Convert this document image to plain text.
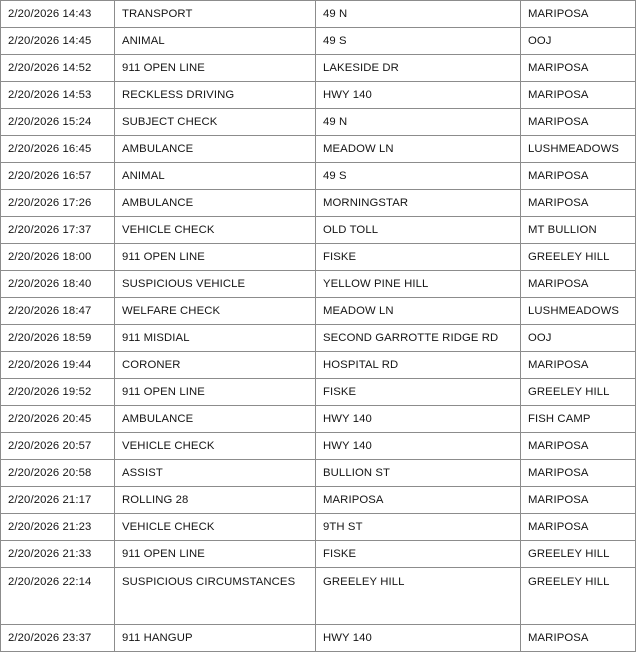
2/20/2026 14:43	TRANSPORT	49 N	MARIPOSA
2/20/2026 14:45	ANIMAL	49 S	OOJ
2/20/2026 14:52	911 OPEN LINE	LAKESIDE DR	MARIPOSA
2/20/2026 14:53	RECKLESS DRIVING	HWY 140	MARIPOSA
2/20/2026 15:24	SUBJECT CHECK	49 N	MARIPOSA
2/20/2026 16:45	AMBULANCE	MEADOW LN	LUSHMEADOWS
2/20/2026 16:57	ANIMAL	49 S	MARIPOSA
2/20/2026 17:26	AMBULANCE	MORNINGSTAR	MARIPOSA
2/20/2026 17:37	VEHICLE CHECK	OLD TOLL	MT BULLION
2/20/2026 18:00	911 OPEN LINE	FISKE	GREELEY HILL
2/20/2026 18:40	SUSPICIOUS VEHICLE	YELLOW PINE HILL	MARIPOSA
2/20/2026 18:47	WELFARE CHECK	MEADOW LN	LUSHMEADOWS
2/20/2026 18:59	911 MISDIAL	SECOND GARROTTE RIDGE RD	OOJ
2/20/2026 19:44	CORONER	HOSPITAL RD	MARIPOSA
2/20/2026 19:52	911 OPEN LINE	FISKE	GREELEY HILL
2/20/2026 20:45	AMBULANCE	HWY 140	FISH CAMP
2/20/2026 20:57	VEHICLE CHECK	HWY 140	MARIPOSA
2/20/2026 20:58	ASSIST	BULLION ST	MARIPOSA
2/20/2026 21:17	ROLLING 28	MARIPOSA	MARIPOSA
2/20/2026 21:23	VEHICLE CHECK	9TH ST	MARIPOSA
2/20/2026 21:33	911 OPEN LINE	FISKE	GREELEY HILL
2/20/2026 22:14	SUSPICIOUS CIRCUMSTANCES	GREELEY HILL	GREELEY HILL
2/20/2026 23:37	911 HANGUP	HWY 140	MARIPOSA
